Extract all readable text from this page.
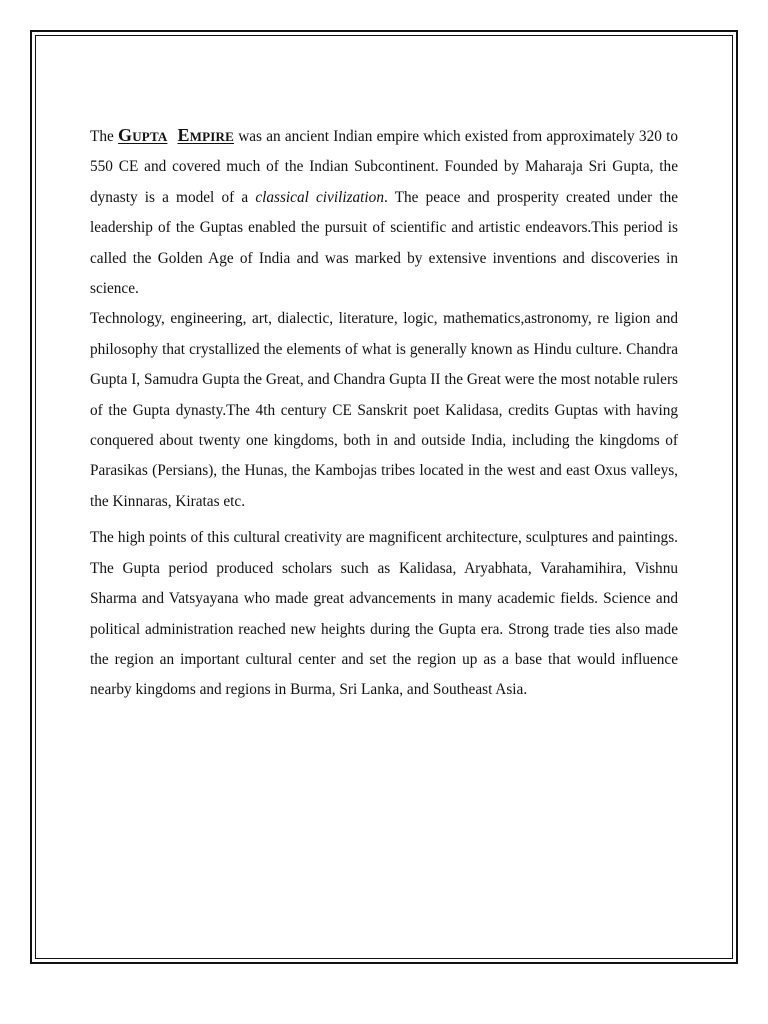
The Gupta Empire was an ancient Indian empire which existed from approximately 320 to 550 CE and covered much of the Indian Subcontinent. Founded by Maharaja Sri Gupta, the dynasty is a model of a classical civilization. The peace and prosperity created under the leadership of the Guptas enabled the pursuit of scientific and artistic endeavors.This period is called the Golden Age of India and was marked by extensive inventions and discoveries in science.

Technology, engineering, art, dialectic, literature, logic, mathematics,astronomy, re ligion and philosophy that crystallized the elements of what is generally known as Hindu culture. Chandra Gupta I, Samudra Gupta the Great, and Chandra Gupta II the Great were the most notable rulers of the Gupta dynasty.The 4th century CE Sanskrit poet Kalidasa, credits Guptas with having conquered about twenty one kingdoms, both in and outside India, including the kingdoms of Parasikas (Persians), the Hunas, the Kambojas tribes located in the west and east Oxus valleys, the Kinnaras, Kiratas etc.

The high points of this cultural creativity are magnificent architecture, sculptures and paintings. The Gupta period produced scholars such as Kalidasa, Aryabhata, Varahamihira, Vishnu Sharma and Vatsyayana who made great advancements in many academic fields. Science and political administration reached new heights during the Gupta era. Strong trade ties also made the region an important cultural center and set the region up as a base that would influence nearby kingdoms and regions in Burma, Sri Lanka, and Southeast Asia.
